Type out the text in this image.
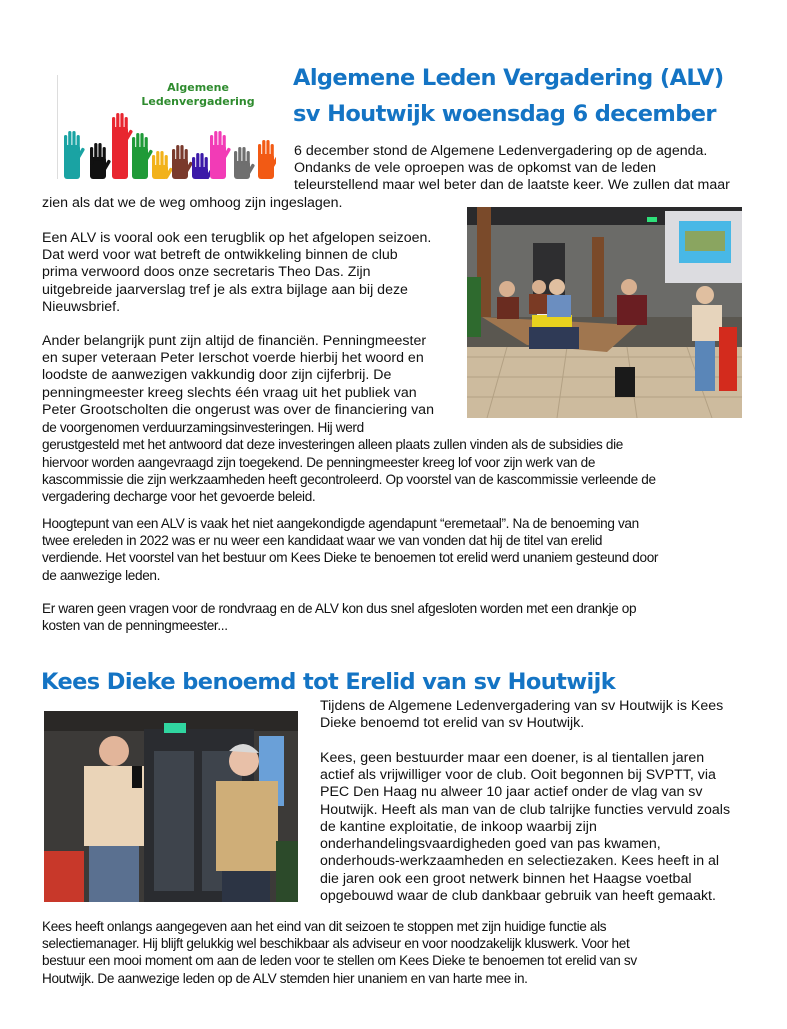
Algemene
Ledenvergadering
Algemene Leden Vergadering (ALV)
sv Houtwijk woensdag 6 december
6 december stond de Algemene Ledenvergadering op de agenda.
Ondanks de vele oproepen was de opkomst van de leden
teleurstellend maar wel beter dan de laatste keer. We zullen dat maar
zien als dat we de weg omhoog zijn ingeslagen.
Een ALV is vooral ook een terugblik op het afgelopen seizoen.
Dat werd voor wat betreft de ontwikkeling binnen de club
prima verwoord doos onze secretaris Theo Das. Zijn
uitgebreide jaarverslag tref je als extra bijlage aan bij deze
Nieuwsbrief.
Ander belangrijk punt zijn altijd de financiën. Penningmeester
en super veteraan Peter Ierschot voerde hierbij het woord en
loodste de aanwezigen vakkundig door zijn cijferbrij. De
penningmeester kreeg slechts één vraag uit het publiek van
Peter Grootscholten die ongerust was over de financiering van
de voorgenomen verduurzamingsinvesteringen. Hij werd
gerustgesteld met het antwoord dat deze investeringen alleen plaats zullen vinden als de subsidies die
hiervoor worden aangevraagd zijn toegekend. De penningmeester kreeg lof voor zijn werk van de
kascommissie die zijn werkzaamheden heeft gecontroleerd. Op voorstel van de kascommissie verleende de
vergadering decharge voor het gevoerde beleid.
Hoogtepunt van een ALV is vaak het niet aangekondigde agendapunt “eremetaal”. Na de benoeming van
twee ereleden in 2022 was er nu weer een kandidaat waar we van vonden dat hij de titel van erelid
verdiende. Het voorstel van het bestuur om Kees Dieke te benoemen tot erelid werd unaniem gesteund door
de aanwezige leden.
Er waren geen vragen voor de rondvraag en de ALV kon dus snel afgesloten worden met een drankje op
kosten van de penningmeester...
Kees Dieke benoemd tot Erelid van sv Houtwijk
Tijdens de Algemene Ledenvergadering van sv Houtwijk is Kees
Dieke benoemd tot erelid van sv Houtwijk.
Kees, geen bestuurder maar een doener, is al tientallen jaren
actief als vrijwilliger voor de club. Ooit begonnen bij SVPTT, via
PEC Den Haag nu alweer 10 jaar actief onder de vlag van sv
Houtwijk. Heeft als man van de club talrijke functies vervuld zoals
de kantine exploitatie, de inkoop waarbij zijn
onderhandelingsvaardigheden goed van pas kwamen,
onderhouds-werkzaamheden en selectiezaken. Kees heeft in al
die jaren ook een groot netwerk binnen het Haagse voetbal
opgebouwd waar de club dankbaar gebruik van heeft gemaakt.
Kees heeft onlangs aangegeven aan het eind van dit seizoen te stoppen met zijn huidige functie als
selectiemanager. Hij blijft gelukkig wel beschikbaar als adviseur en voor noodzakelijk kluswerk. Voor het
bestuur een mooi moment om aan de leden voor te stellen om Kees Dieke te benoemen tot erelid van sv
Houtwijk. De aanwezige leden op de ALV stemden hier unaniem en van harte mee in.
